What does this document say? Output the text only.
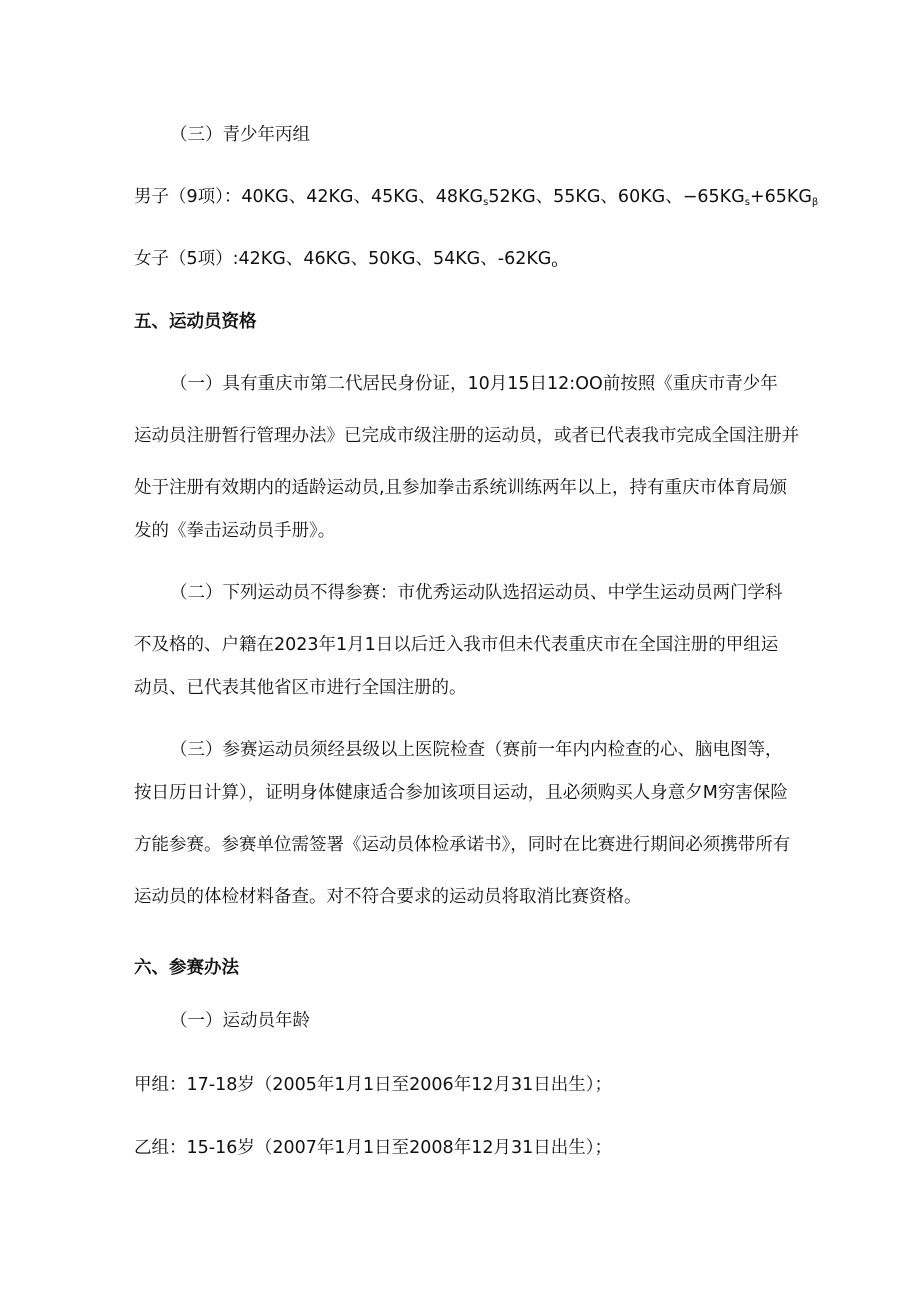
（三）青少年丙组

男子（9项）：40KG、42KG、45KG、$48KG_s52KG$、55KG、60KG、$-65KG_s+65KG_\beta$

女子（5项）:42KG、46KG、50KG、54KG、$-62KG_o$

五、运动员资格

（一）具有重庆市第二代居民身份证，10月15日12:OO前按照《重庆市青少年

运动员注册暂行管理办法》已完成市级注册的运动员，或者已代表我市完成全国注册并

处于注册有效期内的适龄运动员,且参加拳击系统训练两年以上，持有重庆市体育局颁

发的《拳击运动员手册》。

（二）下列运动员不得参赛：市优秀运动队选招运动员、中学生运动员两门学科

不及格的、户籍在2023年1月1日以后迁入我市但未代表重庆市在全国注册的甲组运

动员、已代表其他省区市进行全国注册的。

（三）参赛运动员须经县级以上医院检查（赛前一年内内检查的心、脑电图等，

按日历日计算），证明身体健康适合参加该项目运动，且必须购买人身意夕M穷害保险

方能参赛。参赛单位需签署《运动员体检承诺书》，同时在比赛进行期间必须携带所有

运动员的体检材料备查。对不符合要求的运动员将取消比赛资格。

六、参赛办法

（一）运动员年龄

甲组：17-18岁（2005年1月1日至2006年12月31日出生）；

乙组：15-16岁（2007年1月1日至2008年12月31日出生）；
